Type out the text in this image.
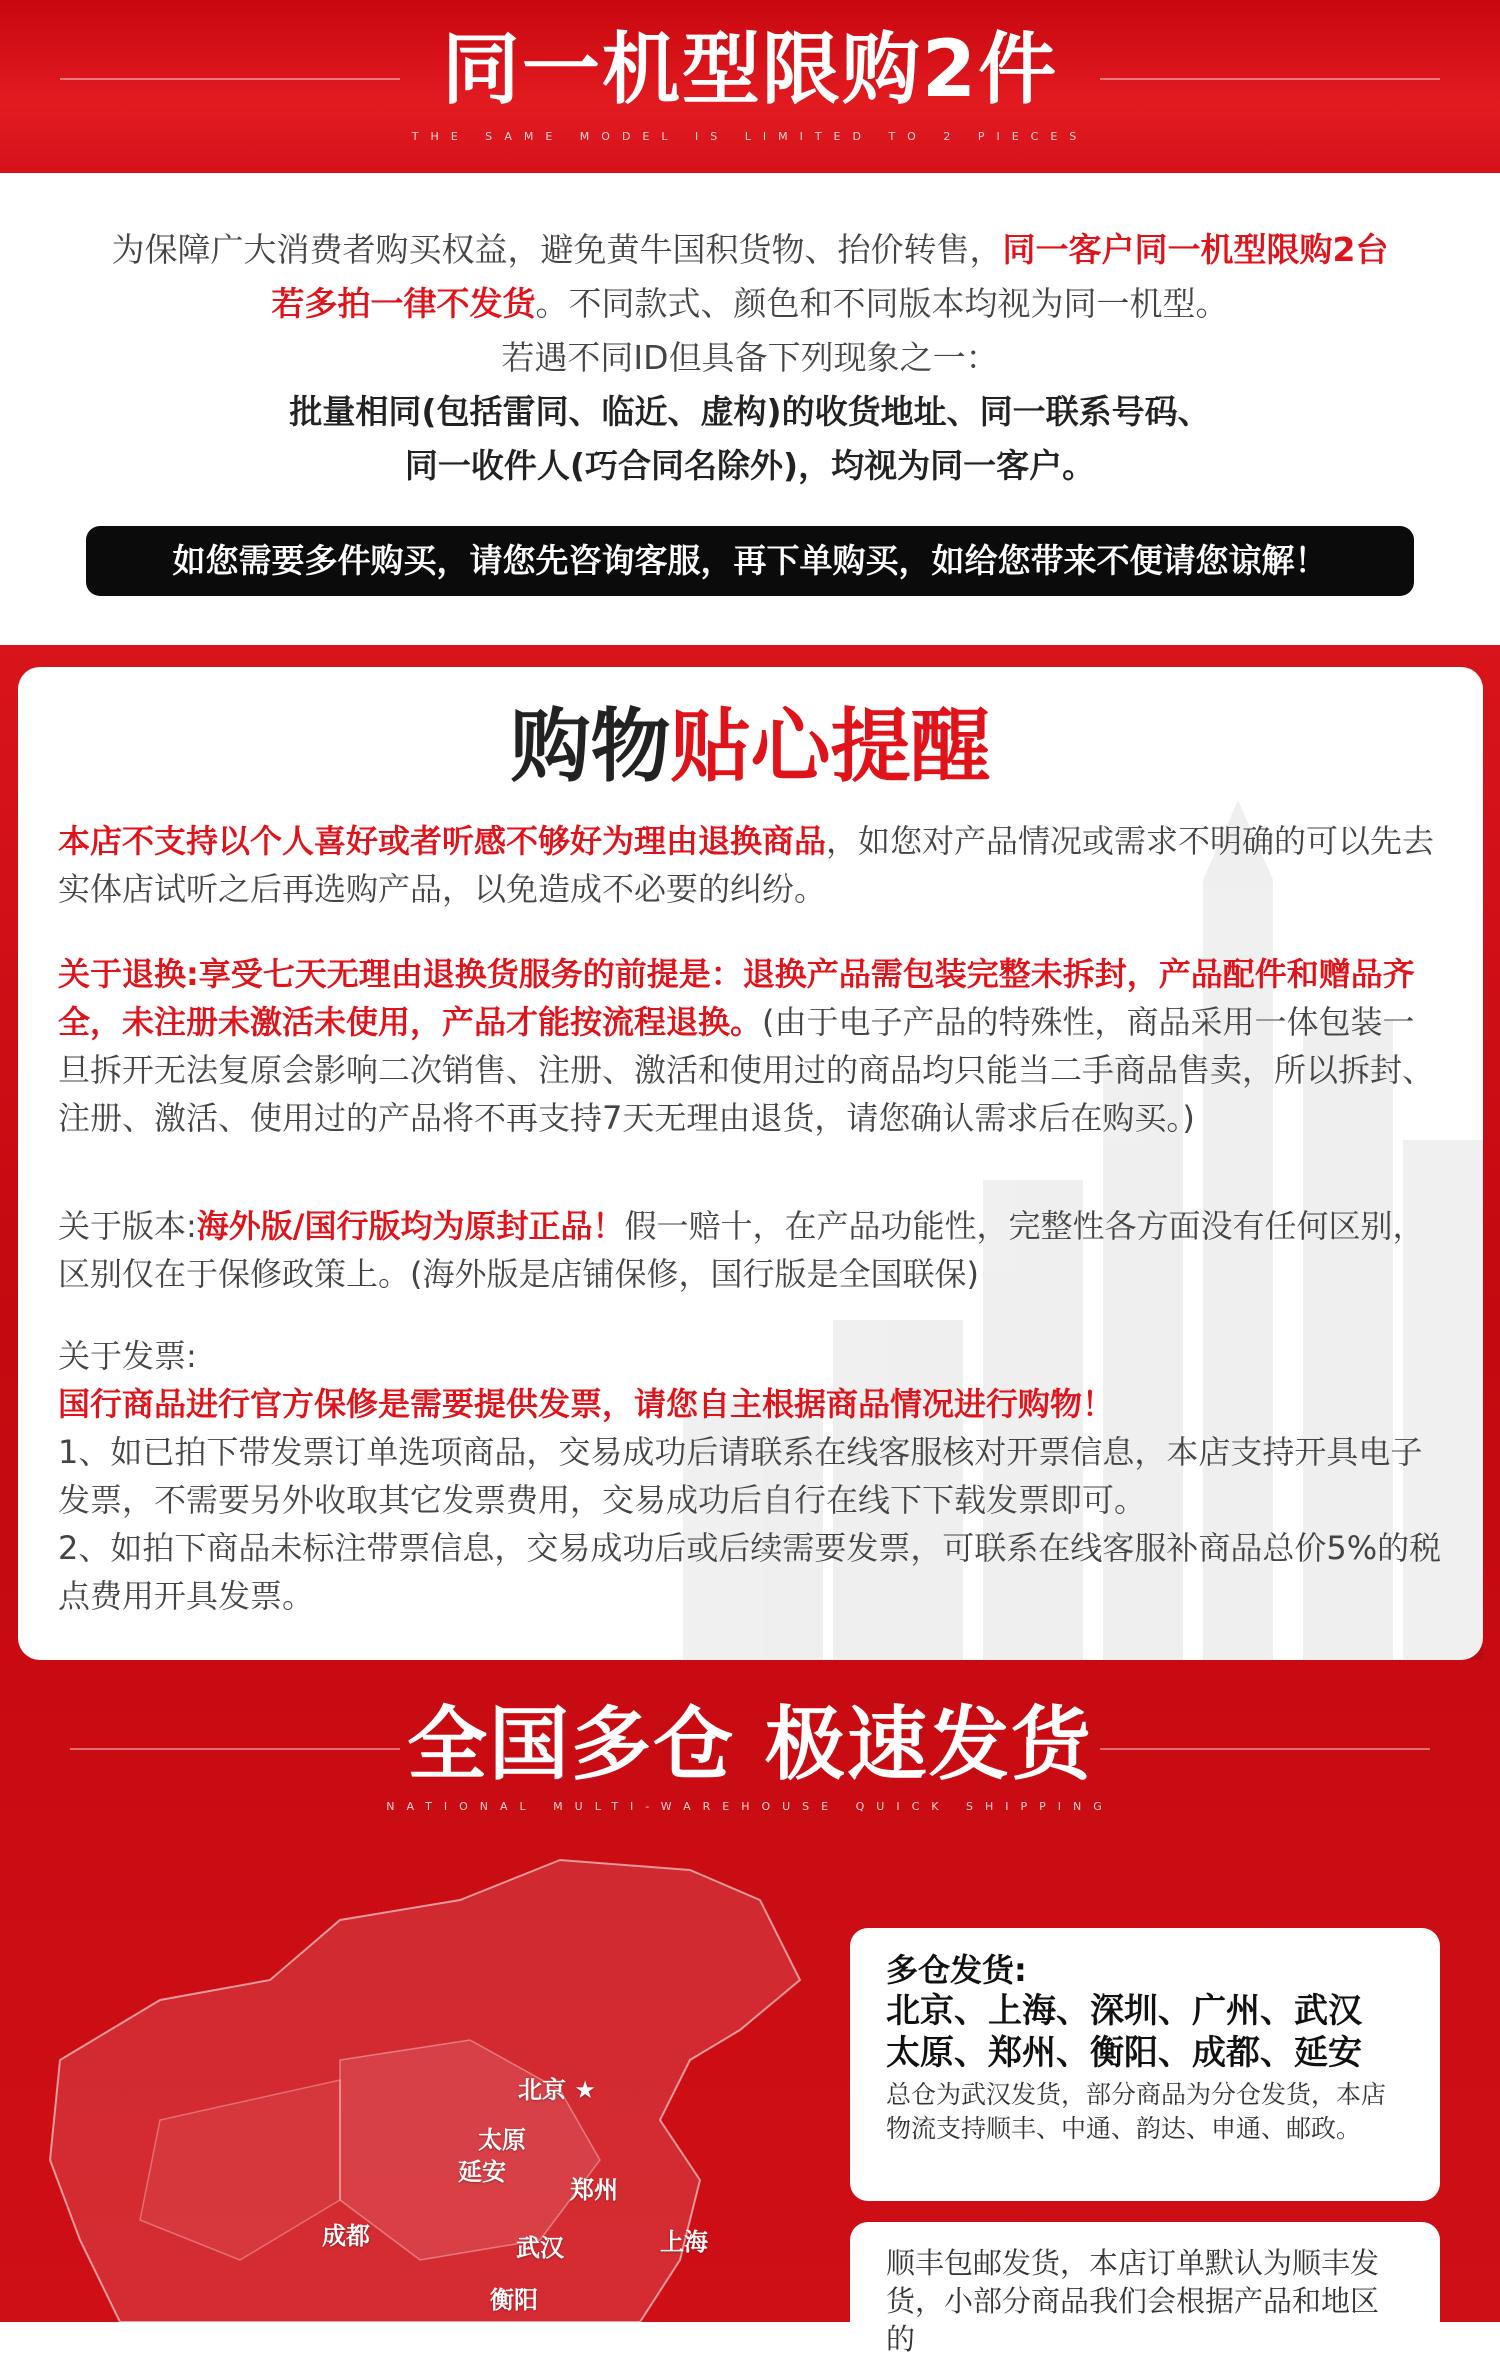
同一机型限购2件
THE SAME MODEL IS LIMITED TO 2 PIECES

为保障广大消费者购买权益，避免黄牛国积货物、抬价转售，同一客户同一机型限购2台

若多拍一律不发货。不同款式、颜色和不同版本均视为同一机型。

若遇不同ID但具备下列现象之一：

批量相同(包括雷同、临近、虚构)的收货地址、同一联系号码、

同一收件人(巧合同名除外)，均视为同一客户。

如您需要多件购买，请您先咨询客服，再下单购买，如给您带来不便请您谅解！
购物贴心提醒
本店不支持以个人喜好或者听感不够好为理由退换商品，如您对产品情况或需求不明确的可以先去实体店试听之后再选购产品，以免造成不必要的纠纷。
关于退换:享受七天无理由退换货服务的前提是：退换产品需包装完整未拆封，产品配件和赠品齐全，未注册未激活未使用，产品才能按流程退换。(由于电子产品的特殊性，商品采用一体包装一旦拆开无法复原会影响二次销售、注册、激活和使用过的商品均只能当二手商品售卖，所以拆封、注册、激活、使用过的产品将不再支持7天无理由退货，请您确认需求后在购买。)
关于版本:海外版/国行版均为原封正品！假一赔十，在产品功能性，完整性各方面没有任何区别，区别仅在于保修政策上。(海外版是店铺保修，国行版是全国联保)
关于发票:
国行商品进行官方保修是需要提供发票，请您自主根据商品情况进行购物！
1、如已拍下带发票订单选项商品，交易成功后请联系在线客服核对开票信息，本店支持开具电子发票，不需要另外收取其它发票费用，交易成功后自行在线下下载发票即可。
2、如拍下商品未标注带票信息，交易成功后或后续需要发票，可联系在线客服补商品总价5%的税点费用开具发票。
全国多仓 极速发货
NATIONAL MULTI-WAREHOUSE QUICK SHIPPING
北京 ★
太原
延安
郑州
成都	武汉	上海
衡阳
多仓发货:
北京、上海、深圳、广州、武汉
太原、郑州、衡阳、成都、延安
总仓为武汉发货，部分商品为分仓发货，本店物流支持顺丰、中通、韵达、申通、邮政。
顺丰包邮发货，本店订单默认为顺丰发货，小部分商品我们会根据产品和地区的
